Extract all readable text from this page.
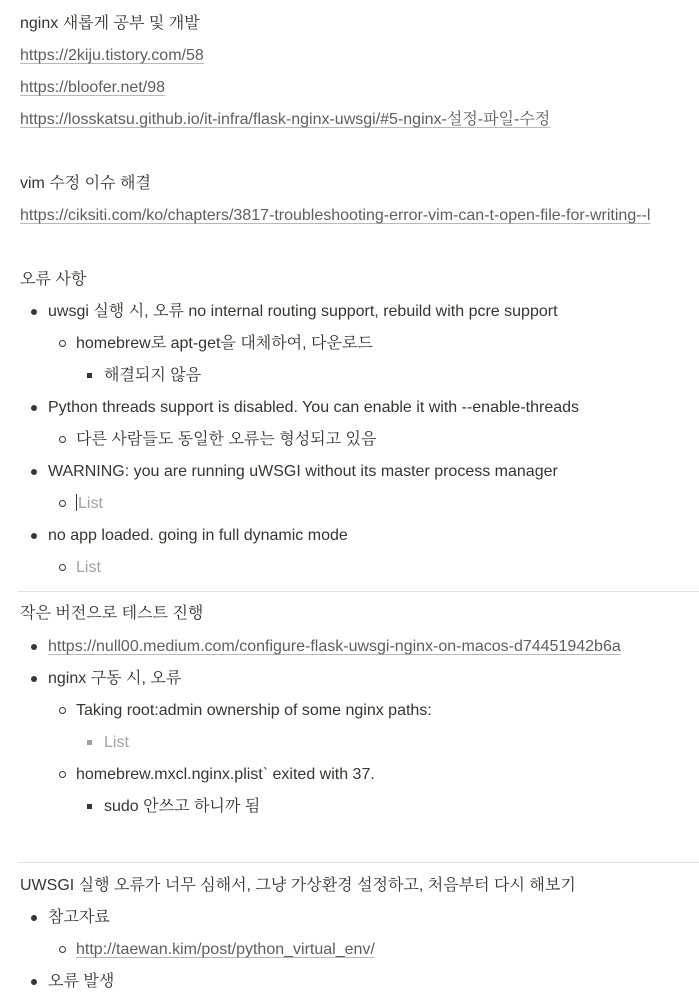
nginx 새롭게 공부 및 개발
https://2kiju.tistory.com/58
https://bloofer.net/98
https://losskatsu.github.io/it-infra/flask-nginx-uwsgi/#5-nginx-설정-파일-수정
vim 수정 이슈 해결
https://ciksiti.com/ko/chapters/3817-troubleshooting-error-vim-can-t-open-file-for-writing--l
오류 사항
uwsgi 실행 시, 오류 no internal routing support, rebuild with pcre support
homebrew로 apt-get을 대체하여, 다운로드
해결되지 않음
Python threads support is disabled. You can enable it with --enable-threads
다른 사람들도 동일한 오류는 형성되고 있음
WARNING: you are running uWSGI without its master process manager
List
no app loaded. going in full dynamic mode
List
작은 버전으로 테스트 진행
https://null00.medium.com/configure-flask-uwsgi-nginx-on-macos-d74451942b6a
nginx 구동 시, 오류
Taking root:admin ownership of some nginx paths:
List
homebrew.mxcl.nginx.plist` exited with 37.
sudo 안쓰고 하니까 됨
UWSGI 실행 오류가 너무 심해서, 그냥 가상환경 설정하고, 처음부터 다시 해보기
참고자료
http://taewan.kim/post/python_virtual_env/
오류 발생
